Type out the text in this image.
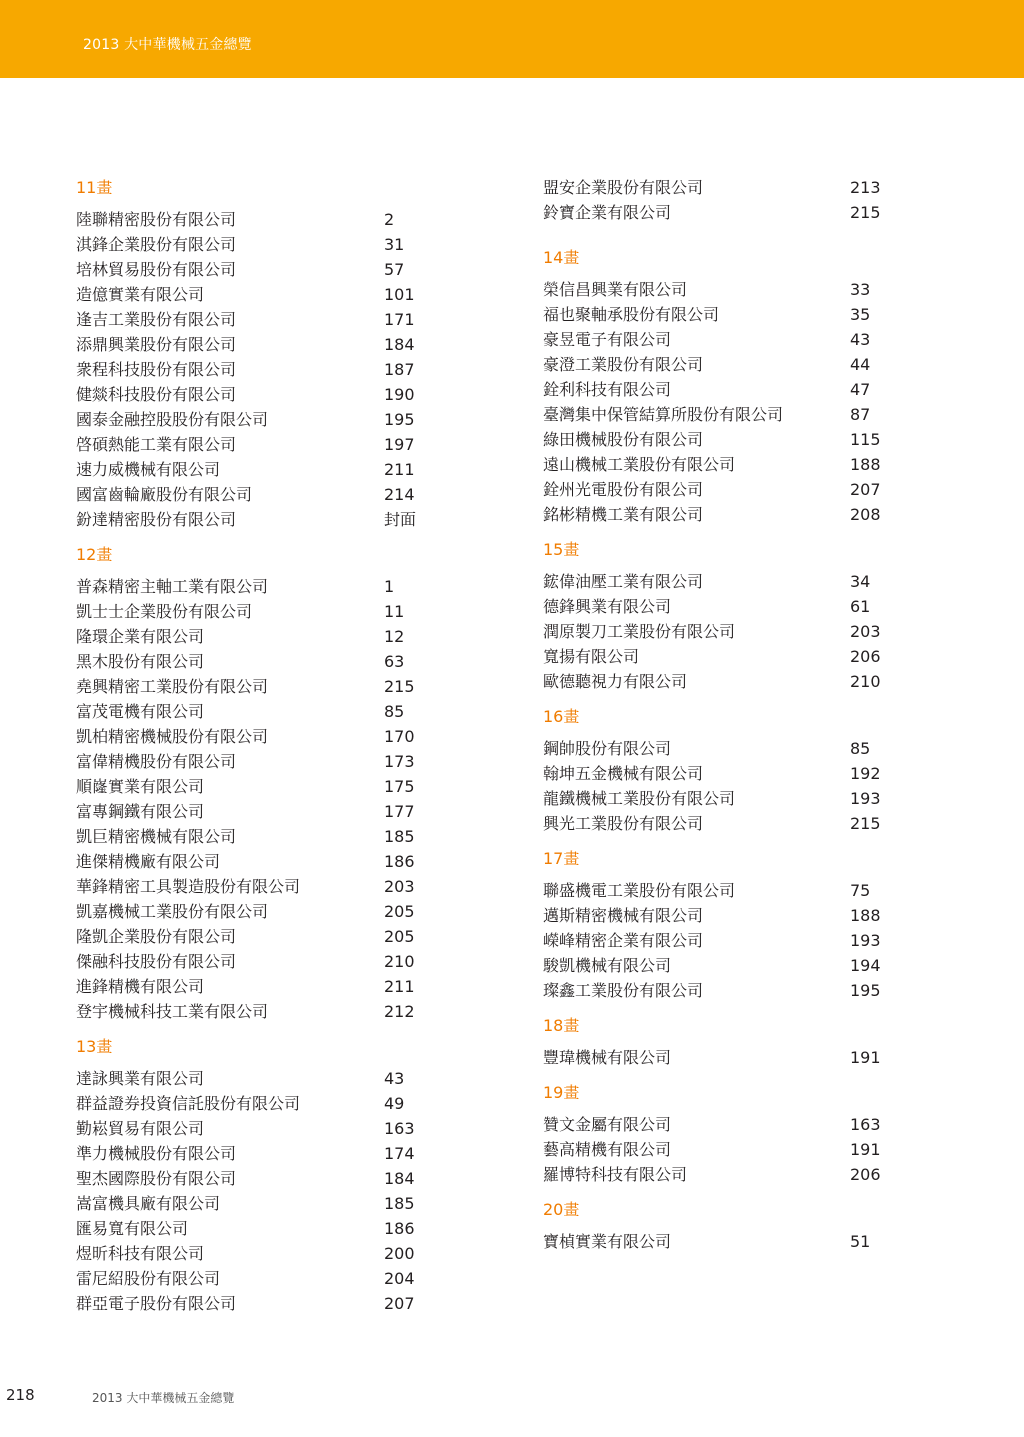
2013 大中華機械五金總覽
11畫
陸聯精密股份有限公司	2
淇鋒企業股份有限公司	31
培林貿易股份有限公司	57
造億實業有限公司	101
逢吉工業股份有限公司	171
添鼎興業股份有限公司	184
衆程科技股份有限公司	187
健燚科技股份有限公司	190
國泰金融控股股份有限公司	195
啓碩熱能工業有限公司	197
速力威機械有限公司	211
國富齒輪廠股份有限公司	214
鈖達精密股份有限公司	封面
12畫
普森精密主軸工業有限公司	1
凱士士企業股份有限公司	11
隆環企業有限公司	12
黑木股份有限公司	63
堯興精密工業股份有限公司	215
富茂電機有限公司	85
凱柏精密機械股份有限公司	170
富偉精機股份有限公司	173
順嶐實業有限公司	175
富專鋼鐵有限公司	177
凱巨精密機械有限公司	185
進傑精機廠有限公司	186
華鋒精密工具製造股份有限公司	203
凱嘉機械工業股份有限公司	205
隆凱企業股份有限公司	205
傑融科技股份有限公司	210
進鋒精機有限公司	211
登宇機械科技工業有限公司	212
13畫
達詠興業有限公司	43
群益證券投資信託股份有限公司	49
勤崧貿易有限公司	163
準力機械股份有限公司	174
聖杰國際股份有限公司	184
嵩富機具廠有限公司	185
匯易寬有限公司	186
煜昕科技有限公司	200
雷尼紹股份有限公司	204
群亞電子股份有限公司	207
盟安企業股份有限公司	213
鈴寶企業有限公司	215
14畫
榮信昌興業有限公司	33
福也聚軸承股份有限公司	35
豪昱電子有限公司	43
豪澄工業股份有限公司	44
銓利科技有限公司	47
臺灣集中保管結算所股份有限公司	87
綠田機械股份有限公司	115
遠山機械工業股份有限公司	188
銓州光電股份有限公司	207
銘彬精機工業有限公司	208
15畫
鋐偉油壓工業有限公司	34
德鋒興業有限公司	61
潤原製刀工業股份有限公司	203
寬揚有限公司	206
歐德聽視力有限公司	210
16畫
鋼帥股份有限公司	85
翰坤五金機械有限公司	192
龍鐵機械工業股份有限公司	193
興光工業股份有限公司	215
17畫
聯盛機電工業股份有限公司	75
邁斯精密機械有限公司	188
嶸峰精密企業有限公司	193
駿凱機械有限公司	194
璨鑫工業股份有限公司	195
18畫
豐瑋機械有限公司	191
19畫
贊文金屬有限公司	163
藝高精機有限公司	191
羅博特科技有限公司	206
20畫
寶楨實業有限公司	51
218	2013 大中華機械五金總覽
